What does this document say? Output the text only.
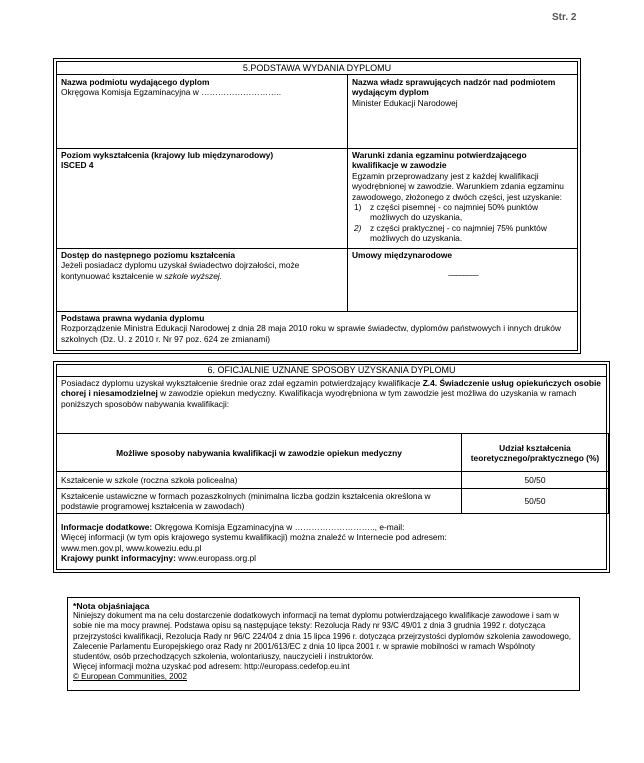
Str. 2
5.PODSTAWA WYDANIA DYPLOMU
Nazwa podmiotu wydającego dyplom
Okręgowa Komisja Egzaminacyjna w ………………………..
Nazwa władz sprawujących nadzór nad podmiotem wydającym dyplom
Minister Edukacji Narodowej
Poziom wykształcenia (krajowy lub międzynarodowy)
ISCED 4
Warunki zdania egzaminu potwierdzającego kwalifikacje w zawodzie
Egzamin przeprowadzany jest z każdej kwalifikacji wyodrębnionej w zawodzie. Warunkiem zdania egzaminu zawodowego, złożonego z dwóch części, jest uzyskanie:
1) z części pisemnej - co najmniej 50% punktów możliwych do uzyskania,
2) z części praktycznej - co najmniej 75% punktów możliwych do uzyskania.
Dostęp do następnego poziomu kształcenia
Jeżeli posiadacz dyplomu uzyskał świadectwo dojrzałości, może kontynuować kształcenie w szkole wyższej.
Umowy międzynarodowe
________
Podstawa prawna wydania dyplomu
Rozporządzenie Ministra Edukacji Narodowej z dnia 28 maja 2010 roku w sprawie świadectw, dyplomów państwowych i innych druków szkolnych (Dz. U. z 2010 r. Nr 97 poz. 624 ze zmianami)
6. OFICJALNIE UZNANE SPOSOBY UZYSKANIA DYPLOMU
Posiadacz dyplomu uzyskał wykształcenie średnie oraz zdał egzamin potwierdzający kwalifikacje Z.4. Świadczenie usług opiekuńczych osobie chorej i niesamodzielnej w zawodzie opiekun medyczny. Kwalifikacja wyodrębniona w tym zawodzie jest możliwa do uzyskania w ramach poniższych sposobów nabywania kwalifikacji:
Możliwe sposoby nabywania kwalifikacji w zawodzie opiekun medyczny	Udział kształcenia teoretycznego/praktycznego (%)
Kształcenie w szkole (roczna szkoła policealna)	50/50
Kształcenie ustawiczne w formach pozaszkolnych (minimalna liczba godzin kształcenia określona w podstawie programowej kształcenia w zawodach)	50/50
Informacje dodatkowe: Okręgowa Komisja Egzaminacyjna w ……………………….., e-mail:
Więcej informacji (w tym opis krajowego systemu kwalifikacji) można znaleźć w Internecie pod adresem:
www.men.gov.pl, www.koweziu.edu.pl
Krajowy punkt informacyjny: www.europass.org.pl
*Nota objaśniająca
Niniejszy dokument ma na celu dostarczenie dodatkowych informacji na temat dyplomu potwierdzającego kwalifikacje zawodowe i sam w sobie nie ma mocy prawnej. Podstawa opisu są następujące teksty: Rezolucja Rady nr 93/C 49/01 z dnia 3 grudnia 1992 r. dotycząca przejrzystości kwalifikacji, Rezolucja Rady nr 96/C 224/04 z dnia 15 lipca 1996 r. dotycząca przejrzystości dyplomów szkolenia zawodowego, Zalecenie Parlamentu Europejskiego oraz Rady nr 2001/613/EC z dnia 10 lipca 2001 r. w sprawie mobilności w ramach Wspólnoty studentów, osób przechodzących szkolenia, wolontariuszy, nauczycieli i instruktorów.
Więcej informacji można uzyskać pod adresem: http://europass.cedefop.eu.int
© European Communities, 2002
